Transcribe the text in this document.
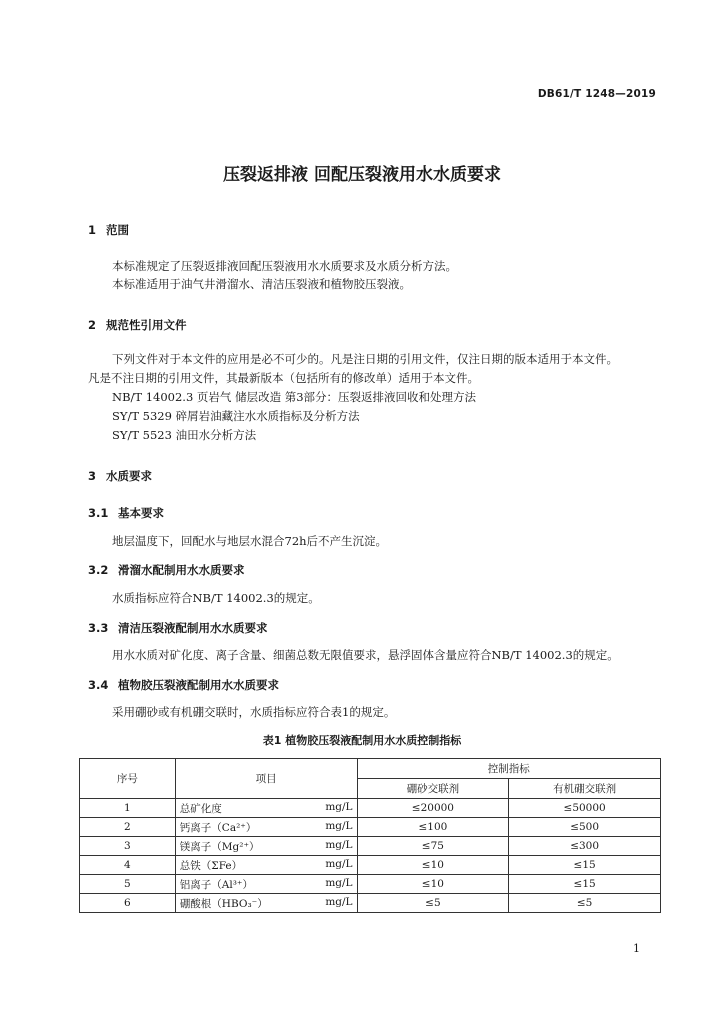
DB61/T 1248—2019
压裂返排液 回配压裂液用水水质要求
1 范围
本标准规定了压裂返排液回配压裂液用水水质要求及水质分析方法。
本标准适用于油气井滑溜水、清洁压裂液和植物胶压裂液。
2 规范性引用文件
下列文件对于本文件的应用是必不可少的。凡是注日期的引用文件，仅注日期的版本适用于本文件。
凡是不注日期的引用文件，其最新版本（包括所有的修改单）适用于本文件。
NB/T 14002.3 页岩气 储层改造 第3部分：压裂返排液回收和处理方法
SY/T 5329 碎屑岩油藏注水水质指标及分析方法
SY/T 5523 油田水分析方法
3 水质要求
3.1 基本要求
地层温度下，回配水与地层水混合72h后不产生沉淀。
3.2 滑溜水配制用水水质要求
水质指标应符合NB/T 14002.3的规定。
3.3 清洁压裂液配制用水水质要求
用水水质对矿化度、离子含量、细菌总数无限值要求，悬浮固体含量应符合NB/T 14002.3的规定。
3.4 植物胶压裂液配制用水水质要求
采用硼砂或有机硼交联时，水质指标应符合表1的规定。
表1 植物胶压裂液配制用水水质控制指标
序号	项目	控制指标	
		硼砂交联剂	有机硼交联剂
1	总矿化度 mg/L	≤20000	≤50000
2	钙离子（Ca²⁺） mg/L	≤100	≤500
3	镁离子（Mg²⁺） mg/L	≤75	≤300
4	总铁（ΣFe） mg/L	≤10	≤15
5	铝离子（Al³⁺） mg/L	≤10	≤15
6	硼酸根（HBO₃⁻） mg/L	≤5	≤5
1
